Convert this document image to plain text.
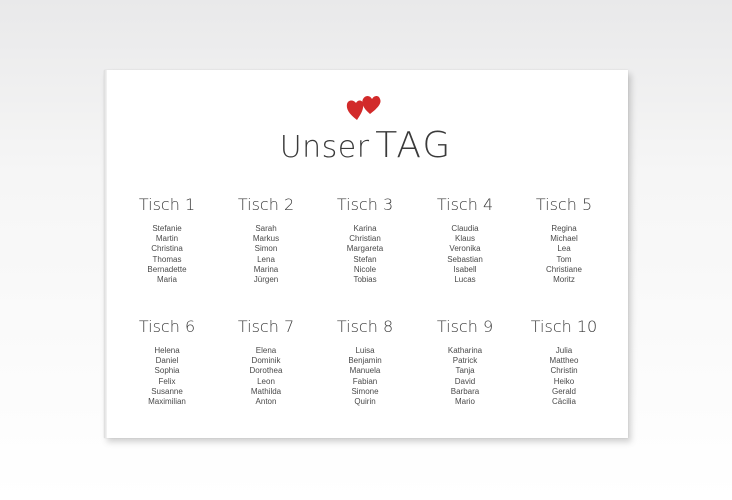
Unser TAG
Tisch 1
Stefanie
Martin
Christina
Thomas
Bernadette
Maria
Tisch 2
Sarah
Markus
Simon
Lena
Marina
Jürgen
Tisch 3
Karina
Christian
Margareta
Stefan
Nicole
Tobias
Tisch 4
Claudia
Klaus
Veronika
Sebastian
Isabell
Lucas
Tisch 5
Regina
Michael
Lea
Tom
Christiane
Moritz
Tisch 6
Helena
Daniel
Sophia
Felix
Susanne
Maximilian
Tisch 7
Elena
Dominik
Dorothea
Leon
Mathilda
Anton
Tisch 8
Luisa
Benjamin
Manuela
Fabian
Simone
Quirin
Tisch 9
Katharina
Patrick
Tanja
David
Barbara
Mario
Tisch 10
Julia
Mattheo
Christin
Heiko
Gerald
Cäcilia
